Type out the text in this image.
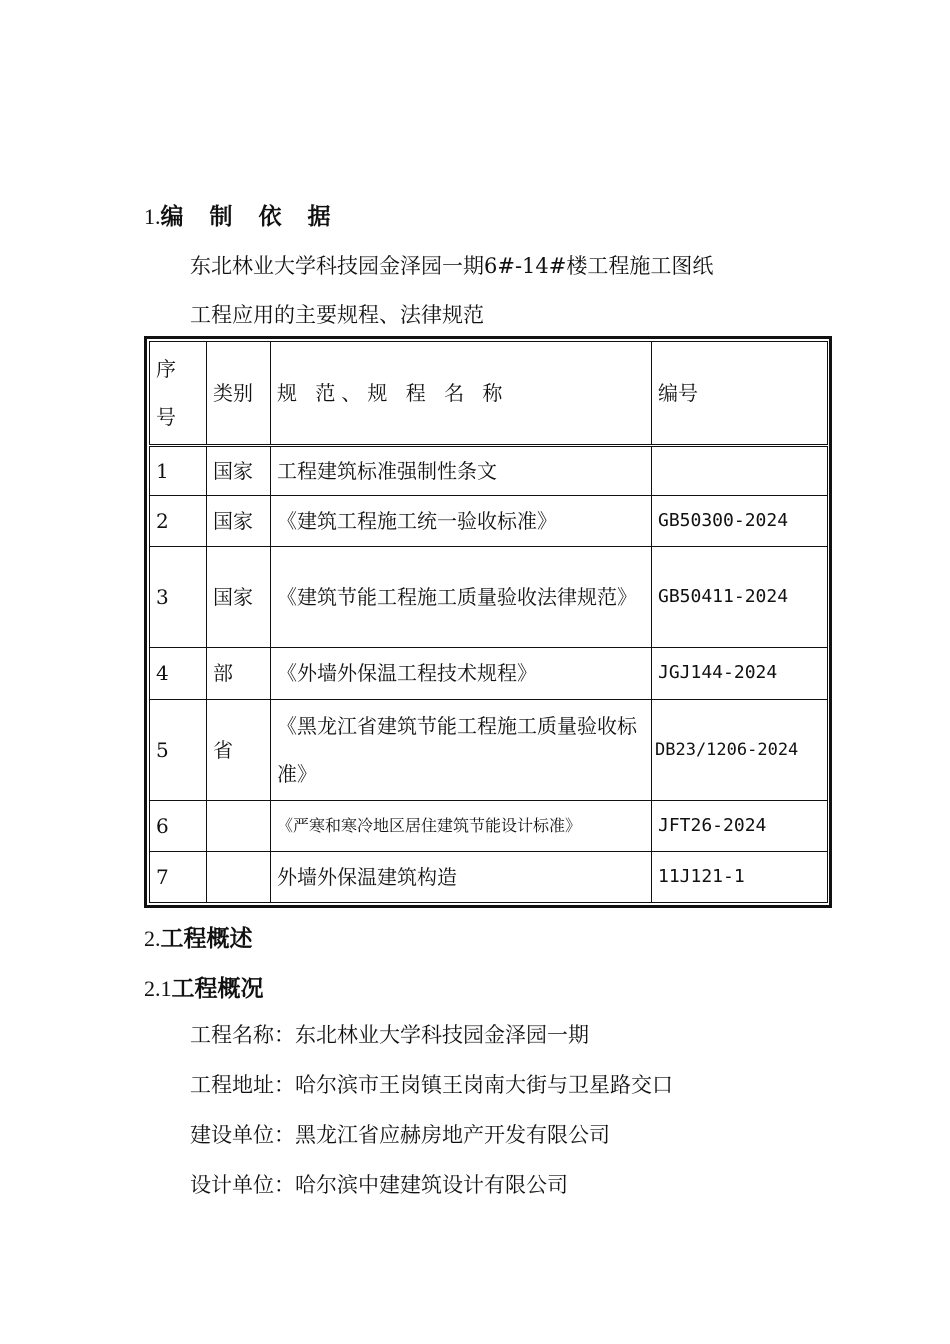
1.编 制 依 据
东北林业大学科技园金泽园一期6#-14#楼工程施工图纸
工程应用的主要规程、法律规范
序号	类别	规 范、规 程 名 称	编号
1	国家	工程建筑标准强制性条文	
2	国家	《建筑工程施工统一验收标准》	GB50300-2024
3	国家	《建筑节能工程施工质量验收法律规范》	GB50411-2024
4	部	《外墙外保温工程技术规程》	JGJ144-2024
5	省	《黑龙江省建筑节能工程施工质量验收标准》	DB23/1206-2024
6		《严寒和寒冷地区居住建筑节能设计标准》	JFT26-2024
7		外墙外保温建筑构造	11J121-1
2.工程概述
2.1工程概况
工程名称：东北林业大学科技园金泽园一期
工程地址：哈尔滨市王岗镇王岗南大街与卫星路交口
建设单位：黑龙江省应赫房地产开发有限公司
设计单位：哈尔滨中建建筑设计有限公司
